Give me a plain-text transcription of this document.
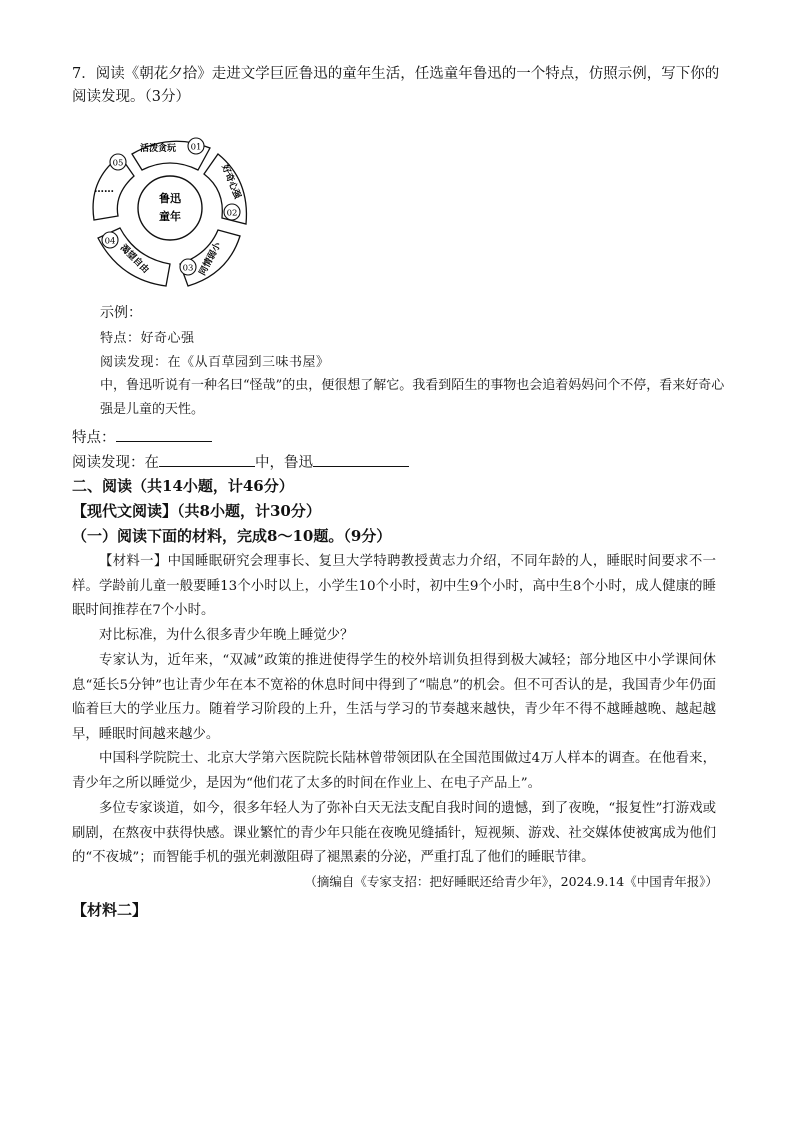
7．阅读《朝花夕拾》走进文学巨匠鲁迅的童年生活，任选童年鲁迅的一个特点，仿照示例，写下你的阅读发现。（3分）
鲁迅
童年
活泼贪玩 01
好奇心强
02
同情弱小
03
渴望自由
04
05
……
示例：
特点：好奇心强
阅读发现：在《从百草园到三味书屋》
中，鲁迅听说有一种名曰“怪哉”的虫，便很想了解它。我看到陌生的事物也会追着妈妈问个不停，看来好奇心强是儿童的天性。
特点：
阅读发现：在	中，鲁迅
二、阅读（共14小题，计46分）
【现代文阅读】（共8小题，计30分）
（一）阅读下面的材料，完成8～10题。（9分）
【材料一】中国睡眠研究会理事长、复旦大学特聘教授黄志力介绍，不同年龄的人，睡眠时间要求不一样。学龄前儿童一般要睡13个小时以上，小学生10个小时，初中生9个小时，高中生8个小时，成人健康的睡眠时间推荐在7个小时。
对比标准，为什么很多青少年晚上睡觉少？
专家认为，近年来，“双减”政策的推进使得学生的校外培训负担得到极大减轻；部分地区中小学课间休息“延长5分钟”也让青少年在本不宽裕的休息时间中得到了“喘息”的机会。但不可否认的是，我国青少年仍面临着巨大的学业压力。随着学习阶段的上升，生活与学习的节奏越来越快，青少年不得不越睡越晚、越起越早，睡眠时间越来越少。
中国科学院院士、北京大学第六医院院长陆林曾带领团队在全国范围做过4万人样本的调查。在他看来，青少年之所以睡觉少，是因为“他们花了太多的时间在作业上、在电子产品上”。
多位专家谈道，如今，很多年轻人为了弥补白天无法支配自我时间的遗憾，到了夜晚，“报复性”打游戏或刷剧，在熬夜中获得快感。课业繁忙的青少年只能在夜晚见缝插针，短视频、游戏、社交媒体使被寓成为他们的“不夜城”；而智能手机的强光刺激阻碍了褪黑素的分泌，严重打乱了他们的睡眠节律。
（摘编自《专家支招：把好睡眠还给青少年》，2024.9.14《中国青年报》）
【材料二】
